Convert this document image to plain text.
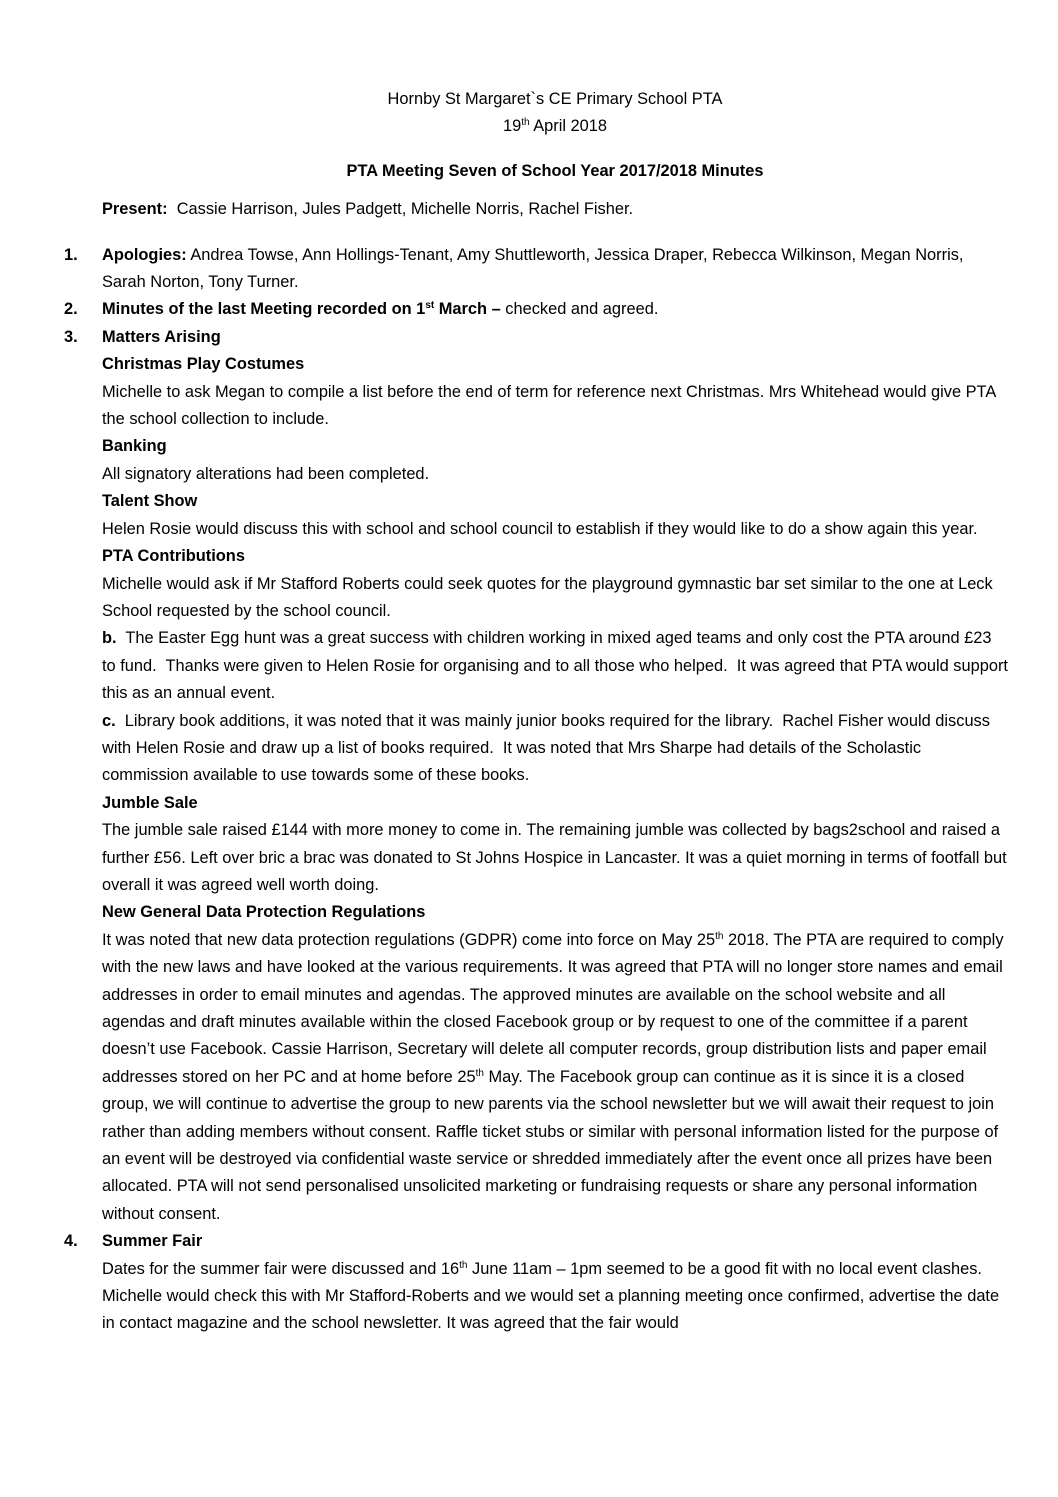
Hornby St Margaret`s CE Primary School PTA

19th April 2018

PTA Meeting Seven of School Year 2017/2018 Minutes

Present: Cassie Harrison, Jules Padgett, Michelle Norris, Rachel Fisher.

1. Apologies: Andrea Towse, Ann Hollings-Tenant, Amy Shuttleworth, Jessica Draper, Rebecca Wilkinson, Megan Norris, Sarah Norton, Tony Turner.

2. Minutes of the last Meeting recorded on 1st March – checked and agreed.

3. Matters Arising
Christmas Play Costumes

Michelle to ask Megan to compile a list before the end of term for reference next Christmas. Mrs Whitehead would give PTA the school collection to include.

Banking

All signatory alterations had been completed.

Talent Show

Helen Rosie would discuss this with school and school council to establish if they would like to do a show again this year.

PTA Contributions

Michelle would ask if Mr Stafford Roberts could seek quotes for the playground gymnastic bar set similar to the one at Leck School requested by the school council.

b.  The Easter Egg hunt was a great success with children working in mixed aged teams and only cost the PTA around £23 to fund.  Thanks were given to Helen Rosie for organising and to all those who helped.  It was agreed that PTA would support this as an annual event.

c.  Library book additions, it was noted that it was mainly junior books required for the library.  Rachel Fisher would discuss with Helen Rosie and draw up a list of books required.  It was noted that Mrs Sharpe had details of the Scholastic commission available to use towards some of these books.

Jumble Sale

The jumble sale raised £144 with more money to come in. The remaining jumble was collected by bags2school and raised a further £56. Left over bric a brac was donated to St Johns Hospice in Lancaster. It was a quiet morning in terms of footfall but overall it was agreed well worth doing.

New General Data Protection Regulations

It was noted that new data protection regulations (GDPR) come into force on May 25th 2018. The PTA are required to comply with the new laws and have looked at the various requirements. It was agreed that PTA will no longer store names and email addresses in order to email minutes and agendas. The approved minutes are available on the school website and all agendas and draft minutes available within the closed Facebook group or by request to one of the committee if a parent doesn’t use Facebook. Cassie Harrison, Secretary will delete all computer records, group distribution lists and paper email addresses stored on her PC and at home before 25th May. The Facebook group can continue as it is since it is a closed group, we will continue to advertise the group to new parents via the school newsletter but we will await their request to join rather than adding members without consent. Raffle ticket stubs or similar with personal information listed for the purpose of an event will be destroyed via confidential waste service or shredded immediately after the event once all prizes have been allocated. PTA will not send personalised unsolicited marketing or fundraising requests or share any personal information without consent.

4. Summer Fair

Dates for the summer fair were discussed and 16th June 11am – 1pm seemed to be a good fit with no local event clashes. Michelle would check this with Mr Stafford-Roberts and we would set a planning meeting once confirmed, advertise the date in contact magazine and the school newsletter. It was agreed that the fair would
